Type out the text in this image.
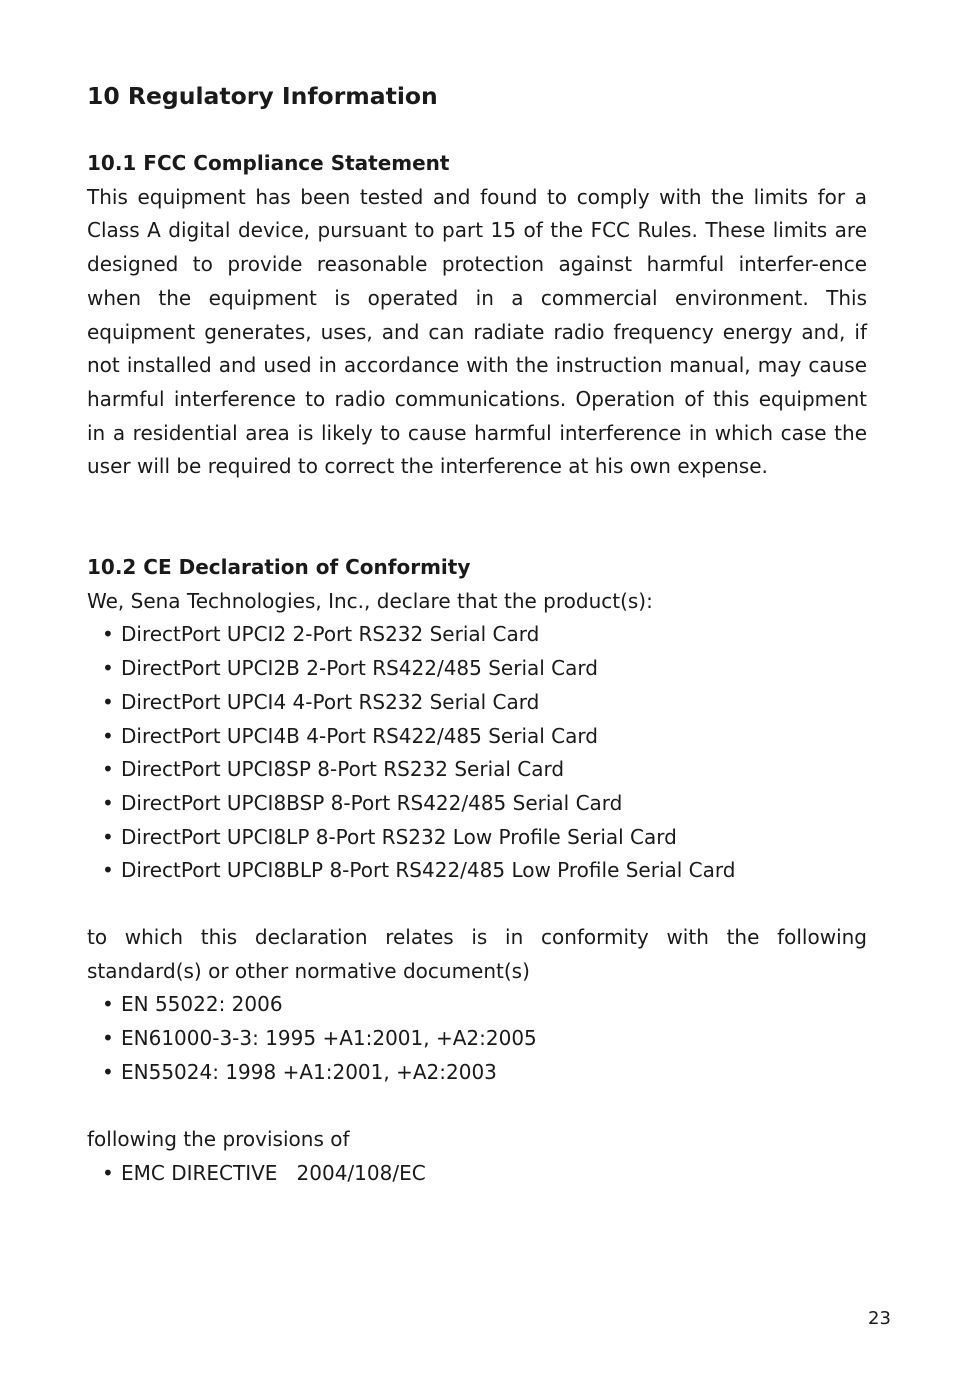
10 Regulatory Information
10.1 FCC Compliance Statement

This equipment has been tested and found to comply with the limits for a Class A digital device, pursuant to part 15 of the FCC Rules. These limits are designed to provide reasonable protection against harmful interfer-ence when the equipment is operated in a commercial environment. This equipment generates, uses, and can radiate radio frequency energy and, if not installed and used in accordance with the instruction manual, may cause harmful interference to radio communications. Operation of this equipment in a residential area is likely to cause harmful interference in which case the user will be required to correct the interference at his own expense.

10.2 CE Declaration of Conformity

We, Sena Technologies, Inc., declare that the product(s):

• DirectPort UPCI2 2-Port RS232 Serial Card
• DirectPort UPCI2B 2-Port RS422/485 Serial Card
• DirectPort UPCI4 4-Port RS232 Serial Card
• DirectPort UPCI4B 4-Port RS422/485 Serial Card
• DirectPort UPCI8SP 8-Port RS232 Serial Card
• DirectPort UPCI8BSP 8-Port RS422/485 Serial Card
• DirectPort UPCI8LP 8-Port RS232 Low Profile Serial Card
• DirectPort UPCI8BLP 8-Port RS422/485 Low Profile Serial Card

to which this declaration relates is in conformity with the following standard(s) or other normative document(s)

• EN 55022: 2006
• EN61000-3-3: 1995 +A1:2001, +A2:2005
• EN55024: 1998 +A1:2001, +A2:2003

following the provisions of

• EMC DIRECTIVE   2004/108/EC
23
